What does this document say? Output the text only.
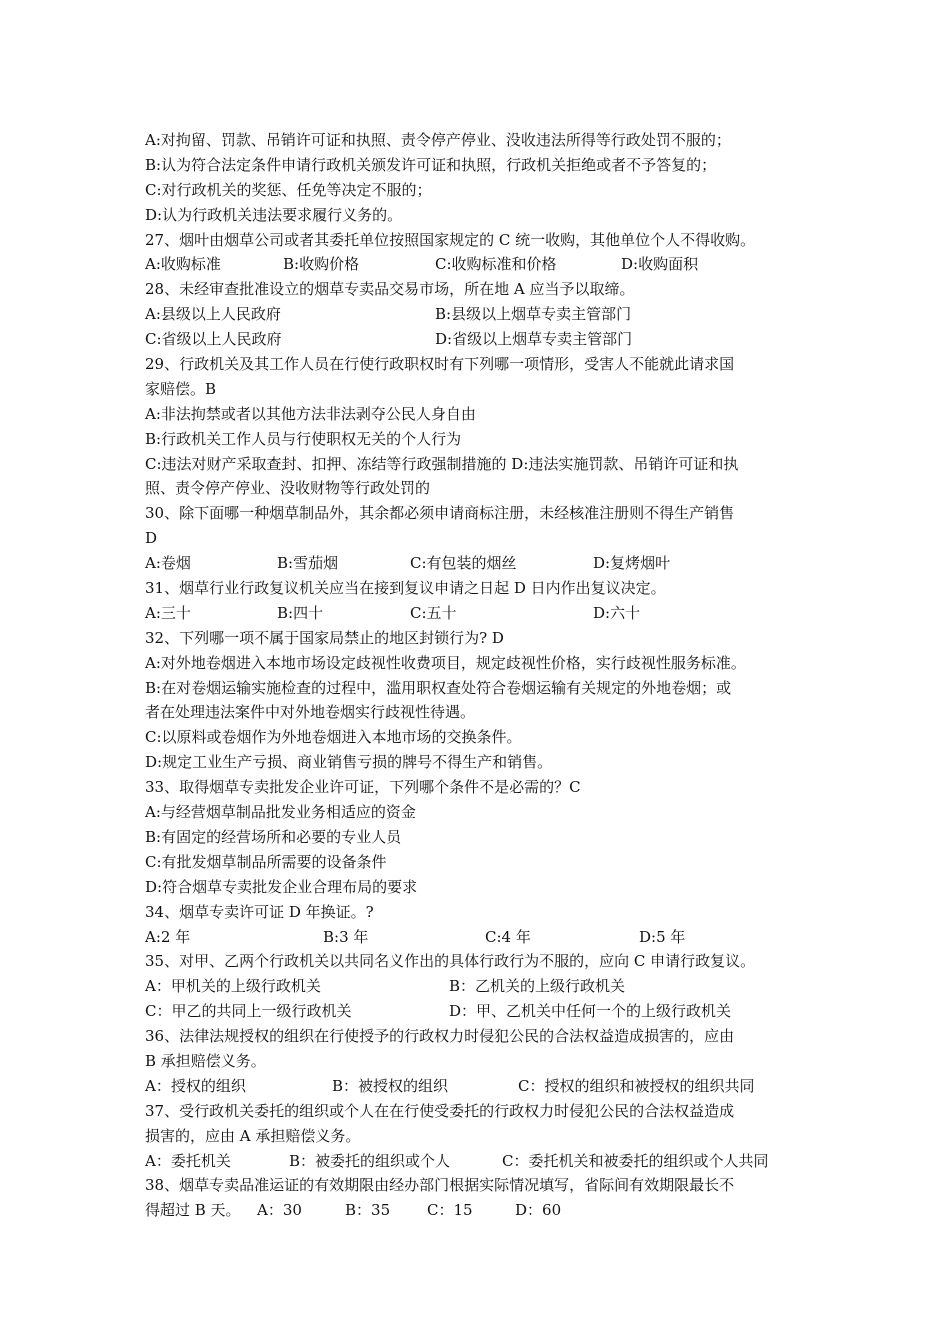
A:对拘留、罚款、吊销许可证和执照、责令停产停业、没收违法所得等行政处罚不服的；
B:认为符合法定条件申请行政机关颁发许可证和执照，行政机关拒绝或者不予答复的；
C:对行政机关的奖惩、任免等决定不服的；
D:认为行政机关违法要求履行义务的。
27、烟叶由烟草公司或者其委托单位按照国家规定的 C 统一收购，其他单位个人不得收购。
A:收购标准	B:收购价格	C:收购标准和价格	D:收购面积
28、未经审查批准设立的烟草专卖品交易市场，所在地 A 应当予以取缔。
A:县级以上人民政府	B:县级以上烟草专卖主管部门
C:省级以上人民政府	D:省级以上烟草专卖主管部门
29、行政机关及其工作人员在行使行政职权时有下列哪一项情形，受害人不能就此请求国
家赔偿。B
A:非法拘禁或者以其他方法非法剥夺公民人身自由
B:行政机关工作人员与行使职权无关的个人行为
C:违法对财产采取查封、扣押、冻结等行政强制措施的 D:违法实施罚款、吊销许可证和执
照、责令停产停业、没收财物等行政处罚的
30、除下面哪一种烟草制品外，其余都必须申请商标注册，未经核准注册则不得生产销售
D
A:卷烟	B:雪茄烟	C:有包装的烟丝	D:复烤烟叶
31、烟草行业行政复议机关应当在接到复议申请之日起 D 日内作出复议决定。
A:三十	B:四十	C:五十	D:六十
32、下列哪一项不属于国家局禁止的地区封锁行为? D
A:对外地卷烟进入本地市场设定歧视性收费项目，规定歧视性价格，实行歧视性服务标准。
B:在对卷烟运输实施检查的过程中，滥用职权查处符合卷烟运输有关规定的外地卷烟；或
者在处理违法案件中对外地卷烟实行歧视性待遇。
C:以原料或卷烟作为外地卷烟进入本地市场的交换条件。
D:规定工业生产亏损、商业销售亏损的牌号不得生产和销售。
33、取得烟草专卖批发企业许可证，下列哪个条件不是必需的？C
A:与经营烟草制品批发业务相适应的资金
B:有固定的经营场所和必要的专业人员
C:有批发烟草制品所需要的设备条件
D:符合烟草专卖批发企业合理布局的要求
34、烟草专卖许可证 D 年换证。?
A:2 年	B:3 年	C:4 年	D:5 年
35、对甲、乙两个行政机关以共同名义作出的具体行政行为不服的，应向 C 申请行政复议。
A：甲机关的上级行政机关	B：乙机关的上级行政机关
C：甲乙的共同上一级行政机关	D：甲、乙机关中任何一个的上级行政机关
36、法律法规授权的组织在行使授予的行政权力时侵犯公民的合法权益造成损害的，应由
B 承担赔偿义务。
A：授权的组织	B：被授权的组织	C：授权的组织和被授权的组织共同
37、受行政机关委托的组织或个人在在行使受委托的行政权力时侵犯公民的合法权益造成
损害的，应由 A 承担赔偿义务。
A：委托机关	B：被委托的组织或个人	C：委托机关和被委托的组织或个人共同
38、烟草专卖品准运证的有效期限由经办部门根据实际情况填写，省际间有效期限最长不
得超过 B 天。 A：30	B：35 C：15	D：60
